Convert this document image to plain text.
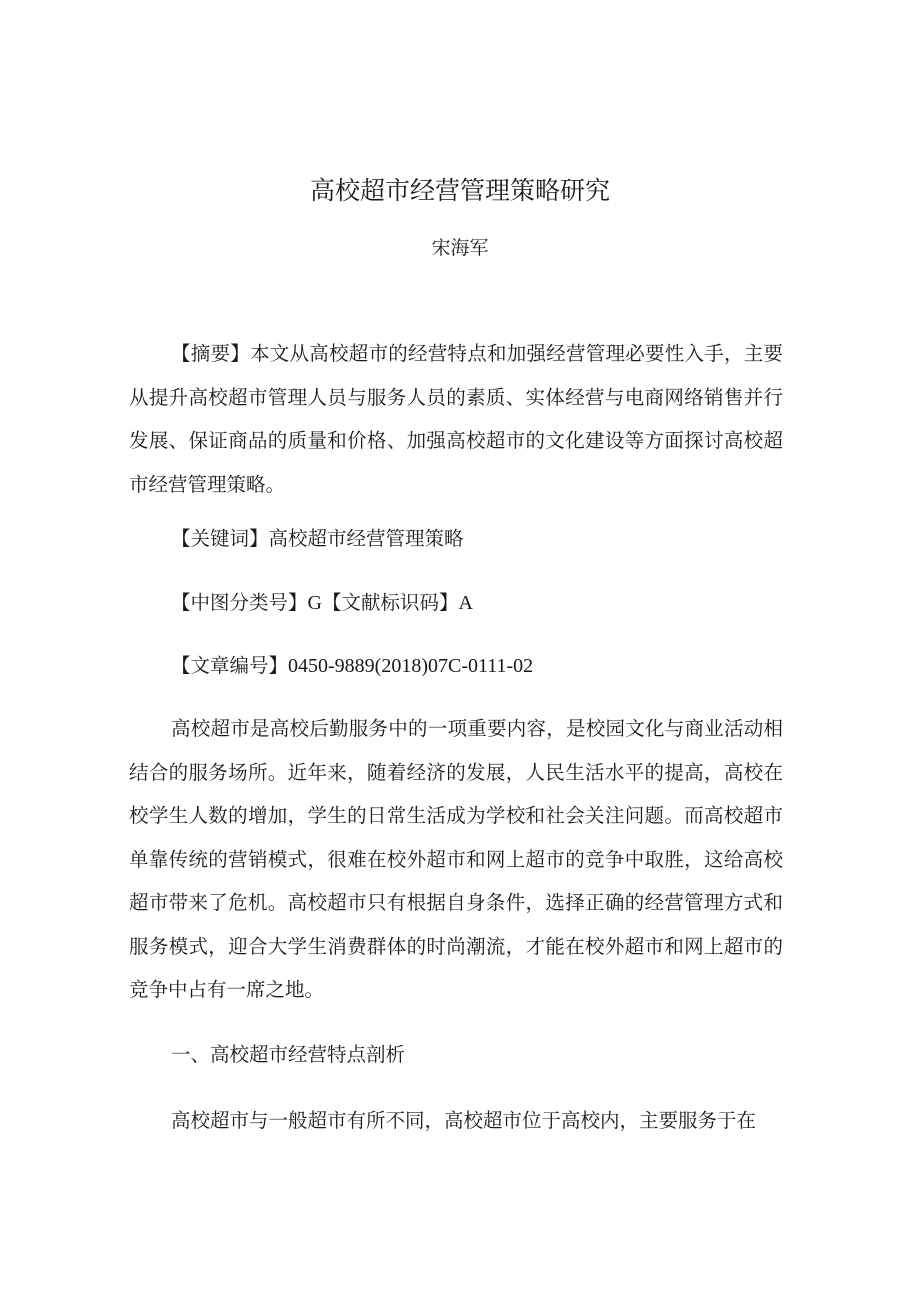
高校超市经营管理策略研究
宋海军

【摘要】本文从高校超市的经营特点和加强经营管理必要性入手，主要从提升高校超市管理人员与服务人员的素质、实体经营与电商网络销售并行发展、保证商品的质量和价格、加强高校超市的文化建设等方面探讨高校超市经营管理策略。

【关键词】高校超市经营管理策略
【中图分类号】G【文献标识码】A
【文章编号】0450-9889(2018)07C-0111-02

高校超市是高校后勤服务中的一项重要内容，是校园文化与商业活动相结合的服务场所。近年来，随着经济的发展，人民生活水平的提高，高校在校学生人数的增加，学生的日常生活成为学校和社会关注问题。而高校超市单靠传统的营销模式，很难在校外超市和网上超市的竞争中取胜，这给高校超市带来了危机。高校超市只有根据自身条件，选择正确的经营管理方式和服务模式，迎合大学生消费群体的时尚潮流，才能在校外超市和网上超市的竞争中占有一席之地。

一、高校超市经营特点剖析

高校超市与一般超市有所不同，高校超市位于高校内，主要服务于在
